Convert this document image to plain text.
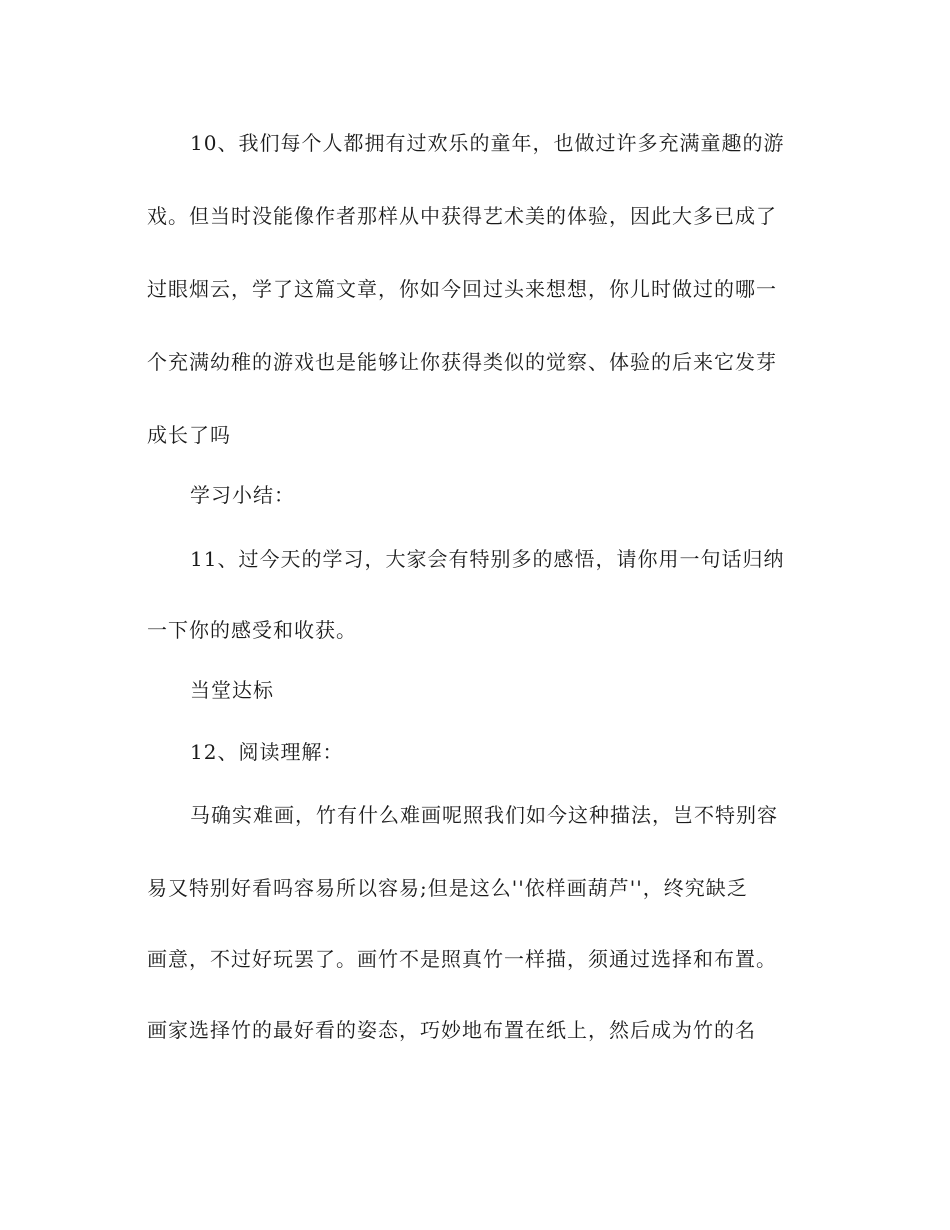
10、我们每个人都拥有过欢乐的童年，也做过许多充满童趣的游
戏。但当时没能像作者那样从中获得艺术美的体验，因此大多已成了
过眼烟云，学了这篇文章，你如今回过头来想想，你儿时做过的哪一
个充满幼稚的游戏也是能够让你获得类似的觉察、体验的后来它发芽
成长了吗
学习小结：
11、过今天的学习，大家会有特别多的感悟，请你用一句话归纳
一下你的感受和收获。
当堂达标
12、阅读理解：
马确实难画，竹有什么难画呢照我们如今这种描法，岂不特别容
易又特别好看吗容易所以容易;但是这么''依样画葫芦''，终究缺乏
画意，不过好玩罢了。画竹不是照真竹一样描，须通过选择和布置。
画家选择竹的最好看的姿态，巧妙地布置在纸上，然后成为竹的名
